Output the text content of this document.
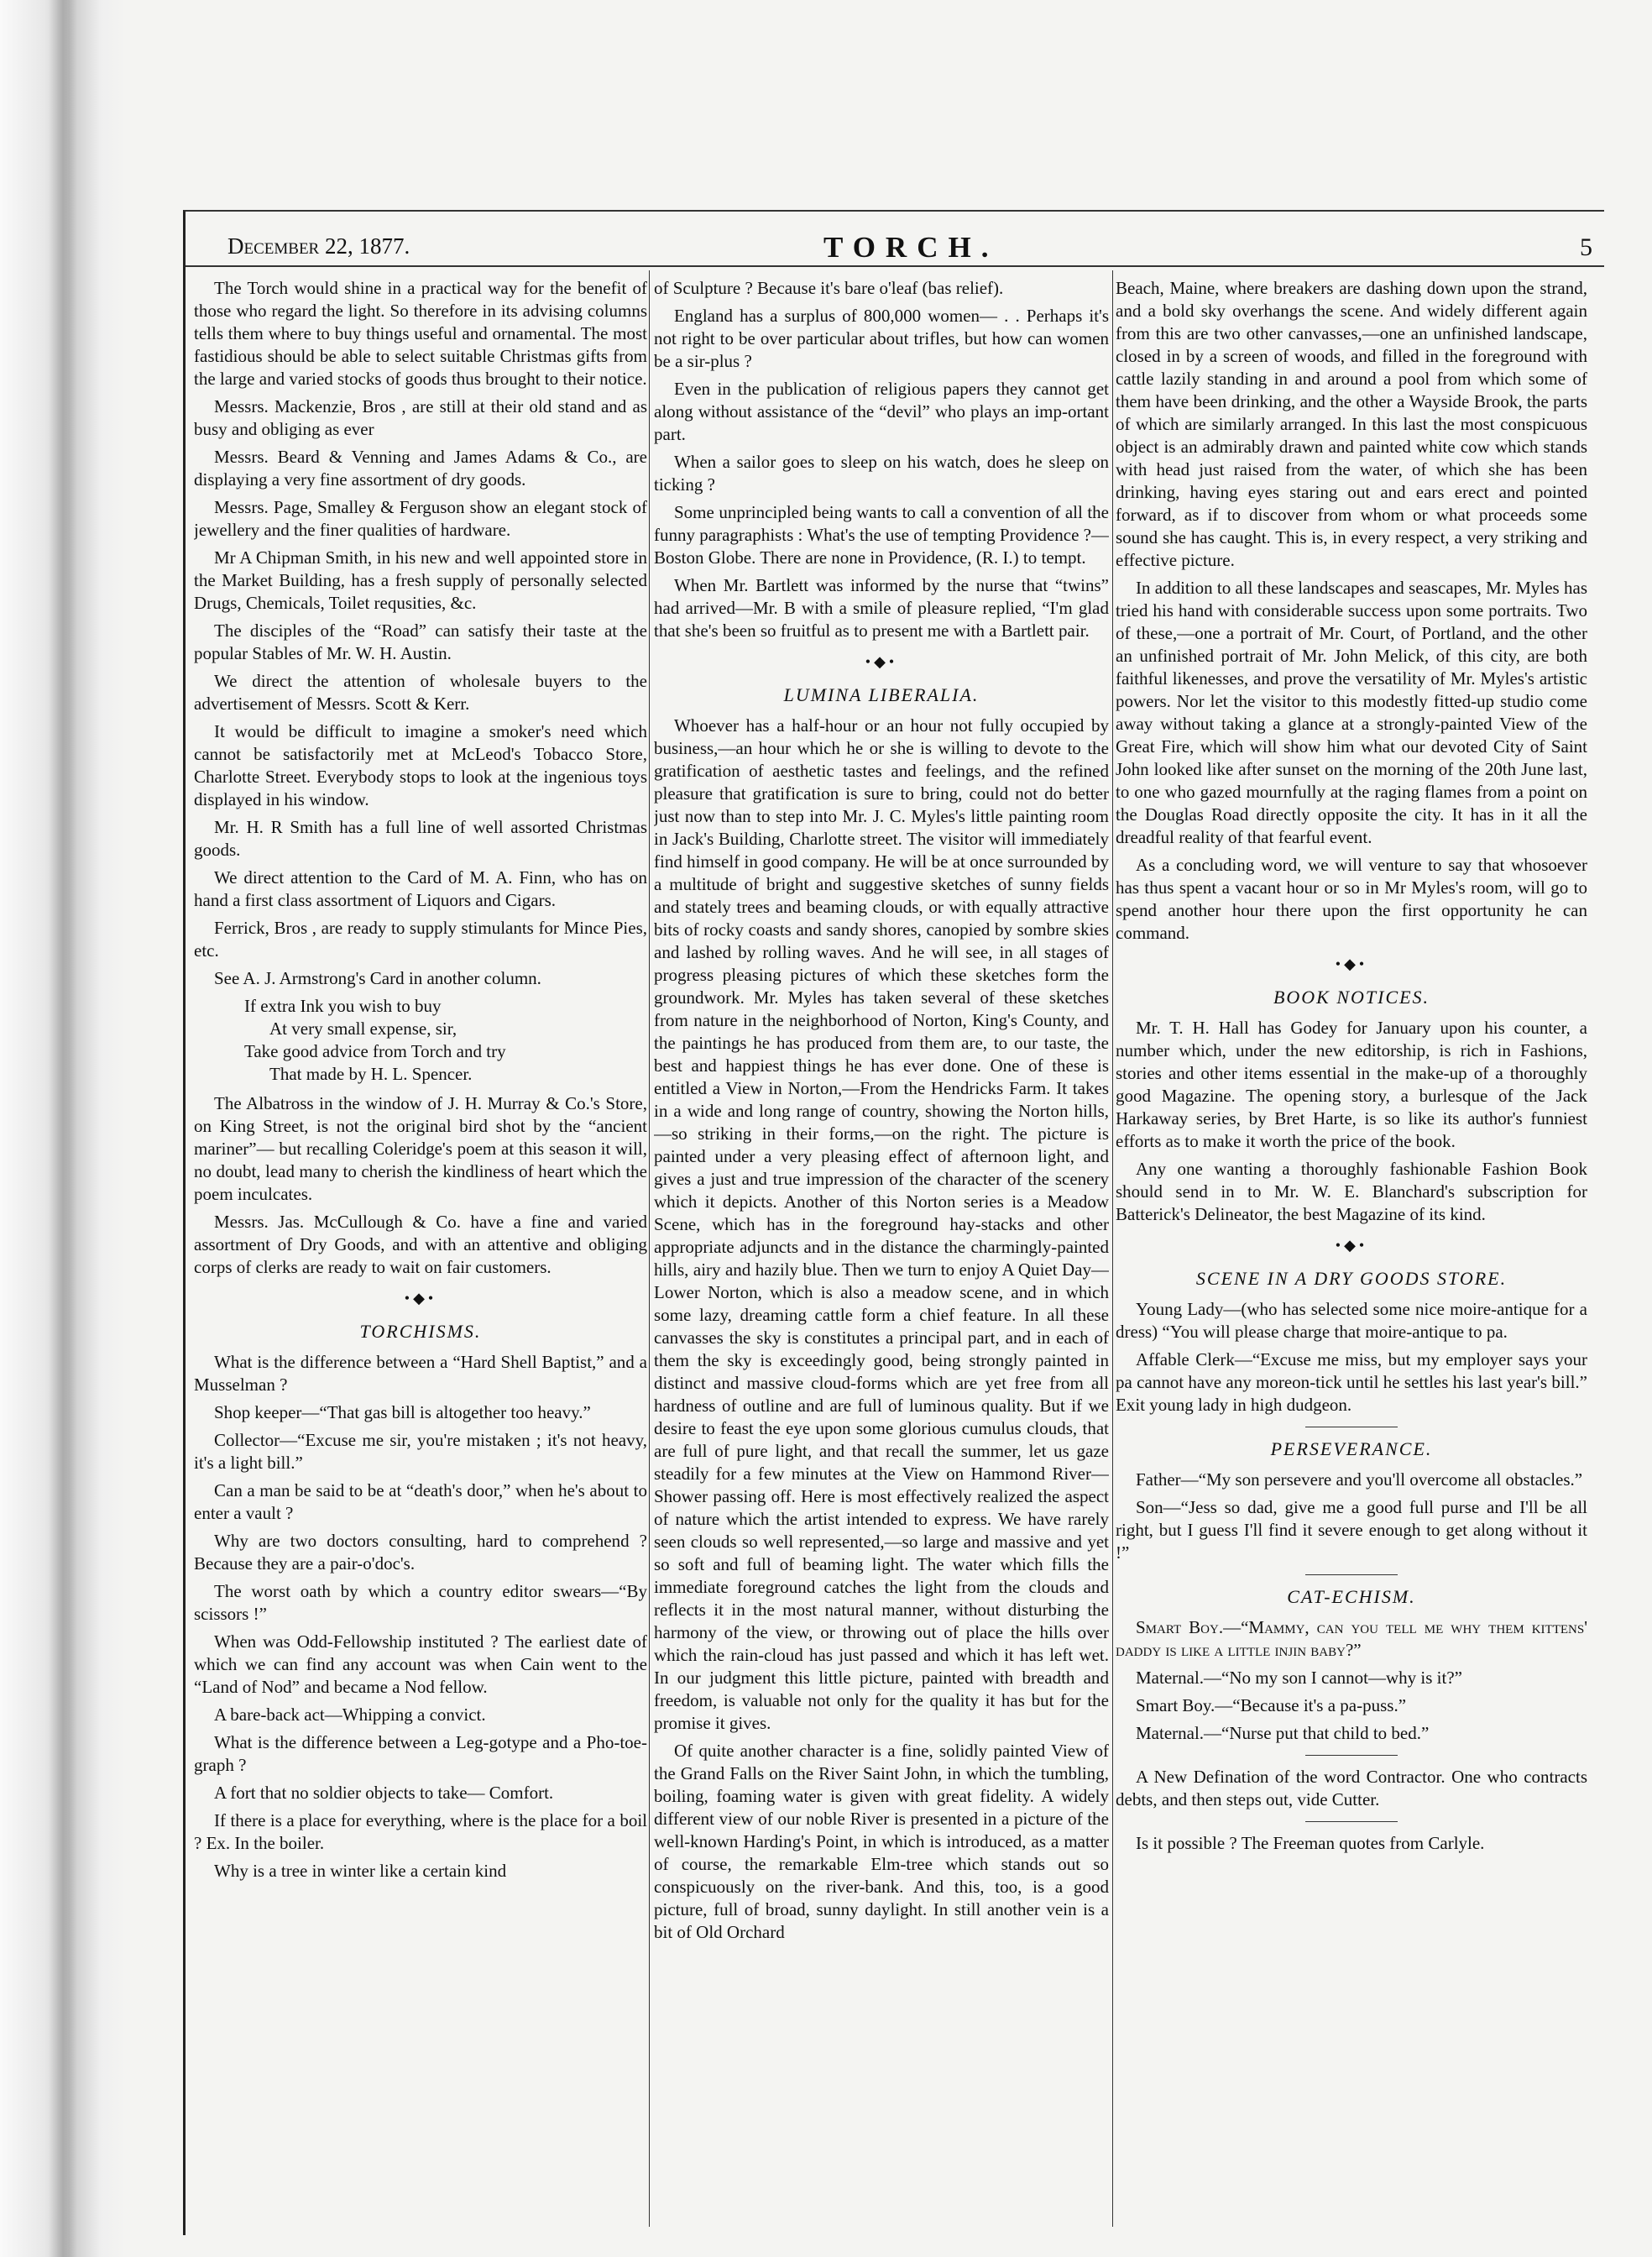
December 22, 1877.	TORCH.	5

The Torch would shine in a practical way for the benefit of those who regard the light. So therefore in its advising columns tells them where to buy things useful and ornamental. The most fastidious should be able to select suitable Christmas gifts from the large and varied stocks of goods thus brought to their notice.

Messrs. Mackenzie, Bros , are still at their old stand and as busy and obliging as ever

Messrs. Beard & Venning and James Adams & Co., are displaying a very fine assortment of dry goods.

Messrs. Page, Smalley & Ferguson show an elegant stock of jewellery and the finer qualities of hardware.

Mr A Chipman Smith, in his new and well appointed store in the Market Building, has a fresh supply of personally selected Drugs, Chemicals, Toilet requsities, &c.

The disciples of the “Road” can satisfy their taste at the popular Stables of Mr. W. H. Austin.

We direct the attention of wholesale buyers to the advertisement of Messrs. Scott & Kerr.

It would be difficult to imagine a smoker's need which cannot be satisfactorily met at McLeod's Tobacco Store, Charlotte Street. Everybody stops to look at the ingenious toys displayed in his window.

Mr. H. R Smith has a full line of well assorted Christmas goods.

We direct attention to the Card of M. A. Finn, who has on hand a first class assortment of Liquors and Cigars.

Ferrick, Bros , are ready to supply stimulants for Mince Pies, etc.

See A. J. Armstrong's Card in another column.

If extra Ink you wish to buy

At very small expense, sir,

Take good advice from Torch and try

That made by H. L. Spencer.

The Albatross in the window of J. H. Murray & Co.'s Store, on King Street, is not the original bird shot by the “ancient mariner”— but recalling Coleridge's poem at this season it will, no doubt, lead many to cherish the kindliness of heart which the poem inculcates.

Messrs. Jas. McCullough & Co. have a fine and varied assortment of Dry Goods, and with an attentive and obliging corps of clerks are ready to wait on fair customers.

•◆•
TORCHISMS.

What is the difference between a “Hard Shell Baptist,” and a Musselman ?

Shop keeper—“That gas bill is altogether too heavy.”

Collector—“Excuse me sir, you're mistaken ; it's not heavy, it's a light bill.”

Can a man be said to be at “death's door,” when he's about to enter a vault ?

Why are two doctors consulting, hard to comprehend ? Because they are a pair-o'doc's.

The worst oath by which a country editor swears—“By scissors !”

When was Odd-Fellowship instituted ? The earliest date of which we can find any account was when Cain went to the “Land of Nod” and became a Nod fellow.

A bare-back act—Whipping a convict.

What is the difference between a Leg-gotype and a Pho-toe-graph ?

A fort that no soldier objects to take— Comfort.

If there is a place for everything, where is the place for a boil ? Ex. In the boiler.

Why is a tree in winter like a certain kind

of Sculpture ? Because it's bare o'leaf (bas relief).

England has a surplus of 800,000 women— . . Perhaps it's not right to be over particular about trifles, but how can women be a sir-plus ?

Even in the publication of religious papers they cannot get along without assistance of the “devil” who plays an imp-ortant part.

When a sailor goes to sleep on his watch, does he sleep on ticking ?

Some unprincipled being wants to call a convention of all the funny paragraphists : What's the use of tempting Providence ?— Boston Globe. There are none in Providence, (R. I.) to tempt.

When Mr. Bartlett was informed by the nurse that “twins” had arrived—Mr. B with a smile of pleasure replied, “I'm glad that she's been so fruitful as to present me with a Bartlett pair.

•◆•
LUMINA LIBERALIA.

Whoever has a half-hour or an hour not fully occupied by business,—an hour which he or she is willing to devote to the gratification of aesthetic tastes and feelings, and the refined pleasure that gratification is sure to bring, could not do better just now than to step into Mr. J. C. Myles's little painting room in Jack's Building, Charlotte street. The visitor will immediately find himself in good company. He will be at once surrounded by a multitude of bright and suggestive sketches of sunny fields and stately trees and beaming clouds, or with equally attractive bits of rocky coasts and sandy shores, canopied by sombre skies and lashed by rolling waves. And he will see, in all stages of progress pleasing pictures of which these sketches form the groundwork. Mr. Myles has taken several of these sketches from nature in the neighborhood of Norton, King's County, and the paintings he has produced from them are, to our taste, the best and happiest things he has ever done. One of these is entitled a View in Norton,—From the Hendricks Farm. It takes in a wide and long range of country, showing the Norton hills,—so striking in their forms,—on the right. The picture is painted under a very pleasing effect of afternoon light, and gives a just and true impression of the character of the scenery which it depicts. Another of this Norton series is a Meadow Scene, which has in the foreground hay-stacks and other appropriate adjuncts and in the distance the charmingly-painted hills, airy and hazily blue. Then we turn to enjoy A Quiet Day— Lower Norton, which is also a meadow scene, and in which some lazy, dreaming cattle form a chief feature. In all these canvasses the sky is constitutes a principal part, and in each of them the sky is exceedingly good, being strongly painted in distinct and massive cloud-forms which are yet free from all hardness of outline and are full of luminous quality. But if we desire to feast the eye upon some glorious cumulus clouds, that are full of pure light, and that recall the summer, let us gaze steadily for a few minutes at the View on Hammond River—Shower passing off. Here is most effectively realized the aspect of nature which the artist intended to express. We have rarely seen clouds so well represented,—so large and massive and yet so soft and full of beaming light. The water which fills the immediate foreground catches the light from the clouds and reflects it in the most natural manner, without disturbing the harmony of the view, or throwing out of place the hills over which the rain-cloud has just passed and which it has left wet. In our judgment this little picture, painted with breadth and freedom, is valuable not only for the quality it has but for the promise it gives.

Of quite another character is a fine, solidly painted View of the Grand Falls on the River Saint John, in which the tumbling, boiling, foaming water is given with great fidelity. A widely different view of our noble River is presented in a picture of the well-known Harding's Point, in which is introduced, as a matter of course, the remarkable Elm-tree which stands out so conspicuously on the river-bank. And this, too, is a good picture, full of broad, sunny daylight. In still another vein is a bit of Old Orchard

Beach, Maine, where breakers are dashing down upon the strand, and a bold sky overhangs the scene. And widely different again from this are two other canvasses,—one an unfinished landscape, closed in by a screen of woods, and filled in the foreground with cattle lazily standing in and around a pool from which some of them have been drinking, and the other a Wayside Brook, the parts of which are similarly arranged. In this last the most conspicuous object is an admirably drawn and painted white cow which stands with head just raised from the water, of which she has been drinking, having eyes staring out and ears erect and pointed forward, as if to discover from whom or what proceeds some sound she has caught. This is, in every respect, a very striking and effective picture.

In addition to all these landscapes and seascapes, Mr. Myles has tried his hand with considerable success upon some portraits. Two of these,—one a portrait of Mr. Court, of Portland, and the other an unfinished portrait of Mr. John Melick, of this city, are both faithful likenesses, and prove the versatility of Mr. Myles's artistic powers. Nor let the visitor to this modestly fitted-up studio come away without taking a glance at a strongly-painted View of the Great Fire, which will show him what our devoted City of Saint John looked like after sunset on the morning of the 20th June last, to one who gazed mournfully at the raging flames from a point on the Douglas Road directly opposite the city. It has in it all the dreadful reality of that fearful event.

As a concluding word, we will venture to say that whosoever has thus spent a vacant hour or so in Mr Myles's room, will go to spend another hour there upon the first opportunity he can command.

•◆•
BOOK NOTICES.

Mr. T. H. Hall has Godey for January upon his counter, a number which, under the new editorship, is rich in Fashions, stories and other items essential in the make-up of a thoroughly good Magazine. The opening story, a burlesque of the Jack Harkaway series, by Bret Harte, is so like its author's funniest efforts as to make it worth the price of the book.

Any one wanting a thoroughly fashionable Fashion Book should send in to Mr. W. E. Blanchard's subscription for Batterick's Delineator, the best Magazine of its kind.

•◆•
SCENE IN A DRY GOODS STORE.

Young Lady—(who has selected some nice moire-antique for a dress) “You will please charge that moire-antique to pa.

Affable Clerk—“Excuse me miss, but my employer says your pa cannot have any moreon-tick until he settles his last year's bill.” Exit young lady in high dudgeon.

PERSEVERANCE.

Father—“My son persevere and you'll overcome all obstacles.”

Son—“Jess so dad, give me a good full purse and I'll be all right, but I guess I'll find it severe enough to get along without it !”

CAT-ECHISM.

Smart Boy.—“Mammy, can you tell me why them kittens' daddy is like a little injin baby?”

Maternal.—“No my son I cannot—why is it?”

Smart Boy.—“Because it's a pa-puss.”

Maternal.—“Nurse put that child to bed.”

A New Defination of the word Contractor. One who contracts debts, and then steps out, vide Cutter.

Is it possible ? The Freeman quotes from Carlyle.
